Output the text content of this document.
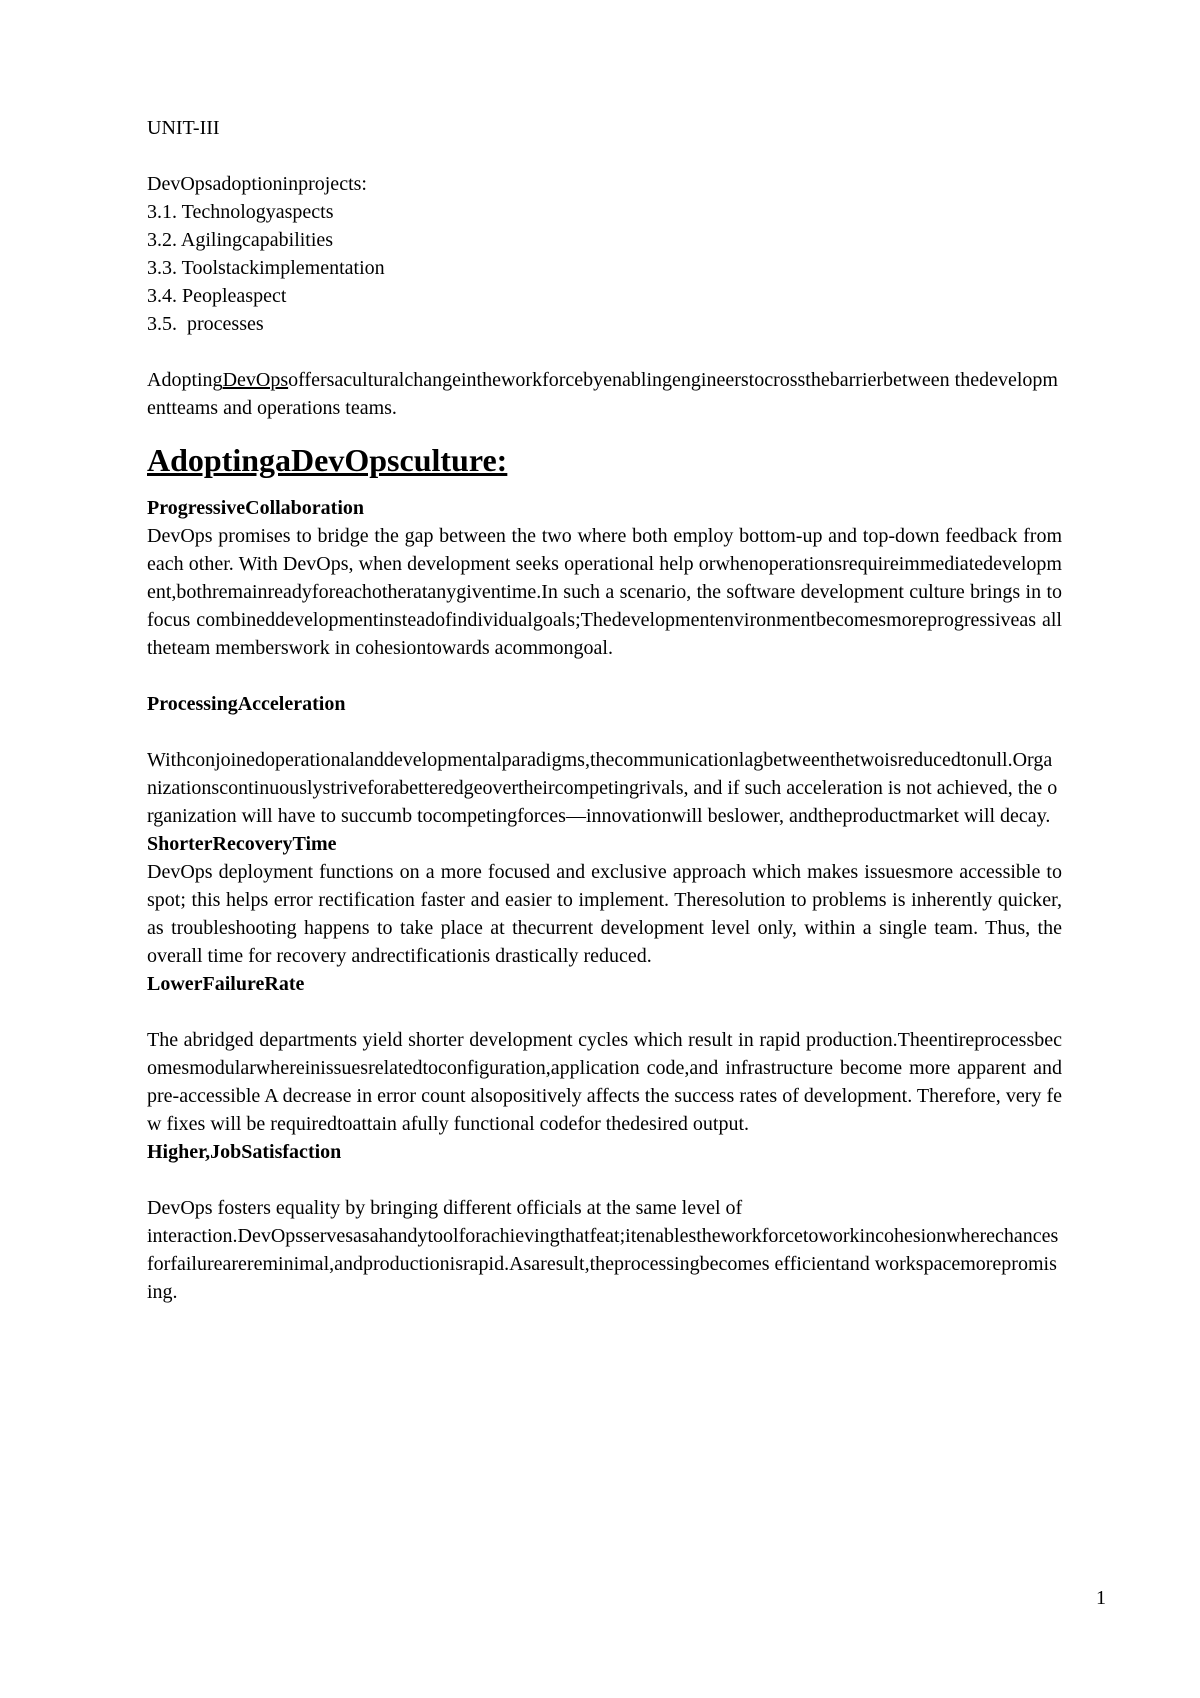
UNIT-III
DevOpsadoptioninprojects:
3.1. Technologyaspects
3.2. Agilingcapabilities
3.3. Toolstackimplementation
3.4. Peopleaspect
3.5.  processes

AdoptingDevOpsoffersaculturalchangeintheworkforcebyenablingengineerstocrossthebarrierbetween thedevelopmentteams and operations teams.

AdoptingaDevOpsculture:
ProgressiveCollaboration

DevOps promises to bridge the gap between the two where both employ bottom-up and top-down feedback from each other. With DevOps, when development seeks operational help orwhenoperationsrequireimmediatedevelopment,bothremainreadyforeachotheratanygiventime.In such a scenario, the software development culture brings in to focus combineddevelopmentinsteadofindividualgoals;Thedevelopmentenvironmentbecomesmoreprogressiveas alltheteam memberswork in cohesiontowards acommongoal.

ProcessingAcceleration

Withconjoinedoperationalanddevelopmentalparadigms,thecommunicationlagbetweenthetwoisreducedtonull.Organizationscontinuouslystriveforabetteredgeovertheircompetingrivals, and if such acceleration is not achieved, the organization will have to succumb tocompetingforces—innovationwill beslower, andtheproductmarket will decay.

ShorterRecoveryTime

DevOps deployment functions on a more focused and exclusive approach which makes issuesmore accessible to spot; this helps error rectification faster and easier to implement. Theresolution to problems is inherently quicker, as troubleshooting happens to take place at thecurrent development level only, within a single team. Thus, the overall time for recovery andrectificationis drastically reduced.

LowerFailureRate

The abridged departments yield shorter development cycles which result in rapid production.Theentireprocessbecomesmodularwhereinissuesrelatedtoconfiguration,application code,and infrastructure become more apparent and pre-accessible A decrease in error count alsopositively affects the success rates of development. Therefore, very few fixes will be requiredtoattain afully functional codefor thedesired output.

Higher,JobSatisfaction
DevOps fosters equality by bringing different officials at the same level of

interaction.DevOpsservesasahandytoolforachievingthatfeat;itenablestheworkforcetoworkincohesionwherechancesforfailurearereminimal,andproductionisrapid.Asaresult,theprocessingbecomes efficientand workspacemorepromising.

1
